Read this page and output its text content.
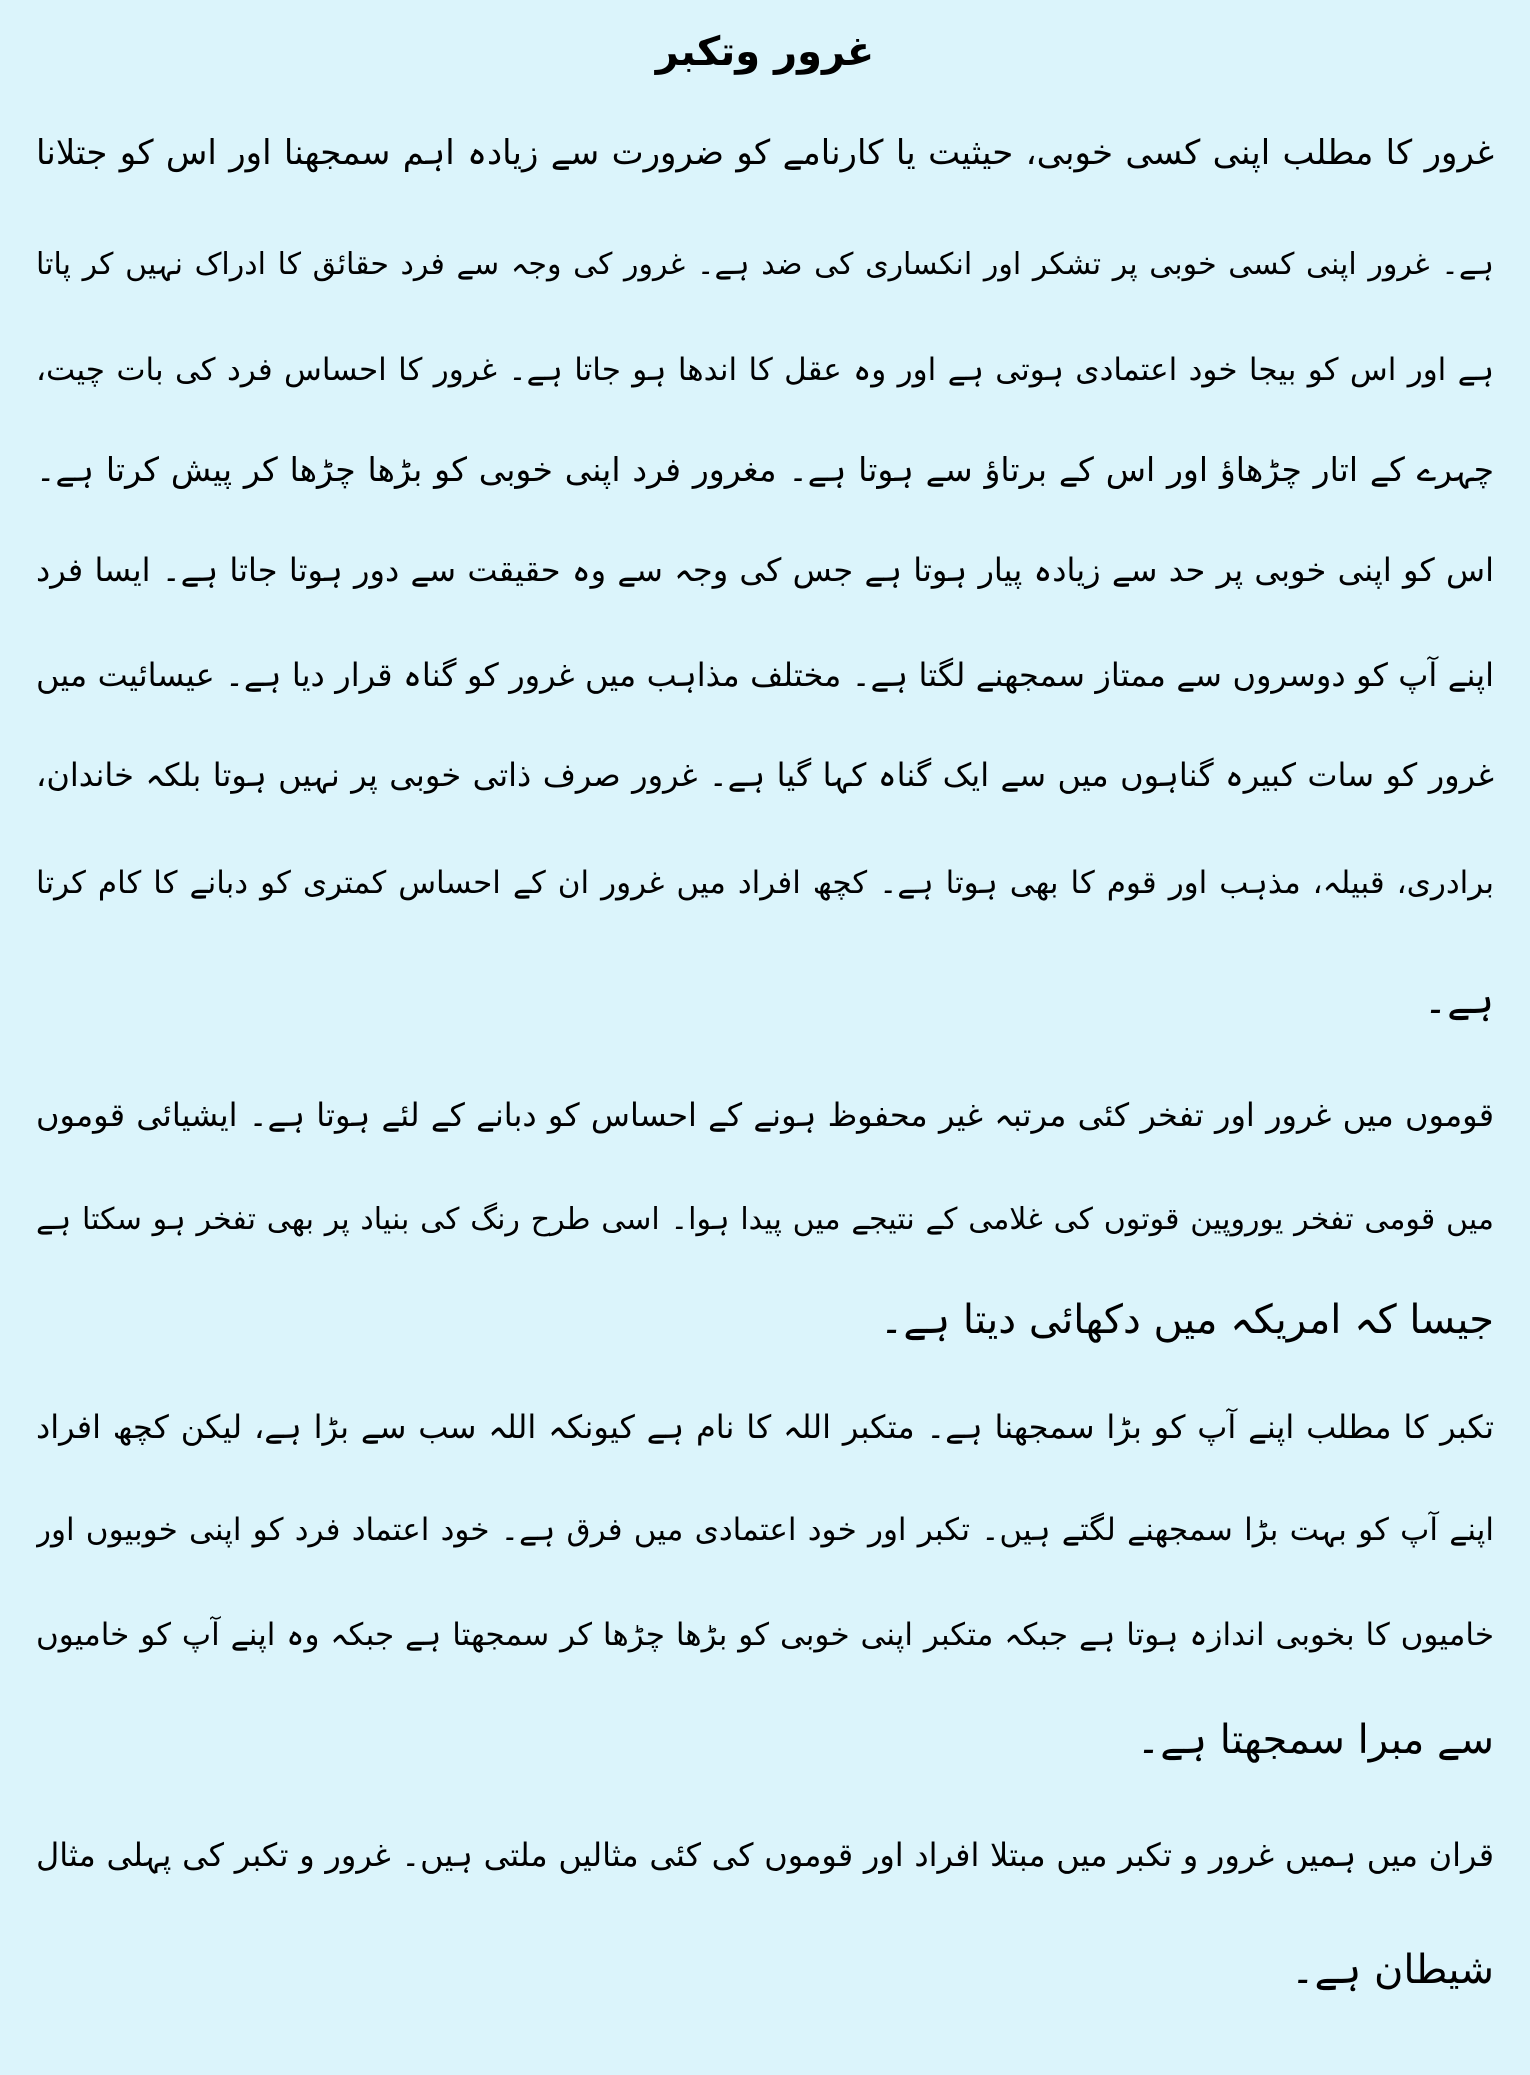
غرور وتکبر
غرور کا مطلب اپنی کسی خوبی، حیثیت یا کارنامے کو ضرورت سے زیادہ اہم سمجھنا اور اس کو جتلانا
ہے۔ غرور اپنی کسی خوبی پر تشکر اور انکساری کی ضد ہے۔ غرور کی وجہ سے فرد حقائق کا ادراک نہیں کر پاتا
ہے اور اس کو بیجا خود اعتمادی ہوتی ہے اور وہ عقل کا اندھا ہو جاتا ہے۔ غرور کا احساس فرد کی بات چیت،
چہرے کے اتار چڑھاؤ اور اس کے برتاؤ سے ہوتا ہے۔ مغرور فرد اپنی خوبی کو بڑھا چڑھا کر پیش کرتا ہے۔
اس کو اپنی خوبی پر حد سے زیادہ پیار ہوتا ہے جس کی وجہ سے وہ حقیقت سے دور ہوتا جاتا ہے۔ ایسا فرد
اپنے آپ کو دوسروں سے ممتاز سمجھنے لگتا ہے۔ مختلف مذاہب میں غرور کو گناہ قرار دیا ہے۔ عیسائیت میں
غرور کو سات کبیرہ گناہوں میں سے ایک گناہ کہا گیا ہے۔ غرور صرف ذاتی خوبی پر نہیں ہوتا بلکہ خاندان،
برادری، قبیلہ، مذہب اور قوم کا بھی ہوتا ہے۔ کچھ افراد میں غرور ان کے احساس کمتری کو دبانے کا کام کرتا
ہے۔
قوموں میں غرور اور تفخر کئی مرتبہ غیر محفوظ ہونے کے احساس کو دبانے کے لئے ہوتا ہے۔ ایشیائی قوموں
میں قومی تفخر یوروپین قوتوں کی غلامی کے نتیجے میں پیدا ہوا۔ اسی طرح رنگ کی بنیاد پر بھی تفخر ہو سکتا ہے
جیسا کہ امریکہ میں دکھائی دیتا ہے۔
تکبر کا مطلب اپنے آپ کو بڑا سمجھنا ہے۔ متکبر اللہ کا نام ہے کیونکہ اللہ سب سے بڑا ہے، لیکن کچھ افراد
اپنے آپ کو بہت بڑا سمجھنے لگتے ہیں۔ تکبر اور خود اعتمادی میں فرق ہے۔ خود اعتماد فرد کو اپنی خوبیوں اور
خامیوں کا بخوبی اندازہ ہوتا ہے جبکہ متکبر اپنی خوبی کو بڑھا چڑھا کر سمجھتا ہے جبکہ وہ اپنے آپ کو خامیوں
سے مبرا سمجھتا ہے۔
قران میں ہمیں غرور و تکبر میں مبتلا افراد اور قوموں کی کئی مثالیں ملتی ہیں۔ غرور و تکبر کی پہلی مثال
شیطان ہے۔
